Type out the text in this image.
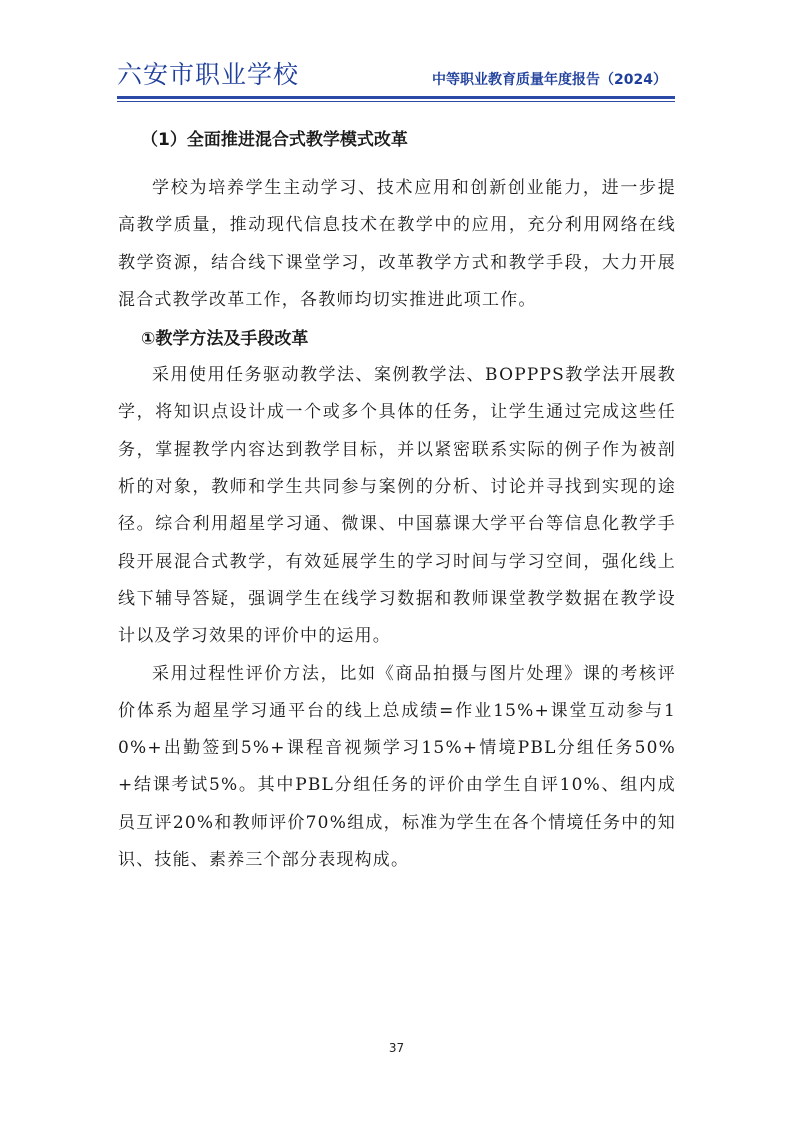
六安市职业学校	中等职业教育质量年度报告（2024）

（1）全面推进混合式教学模式改革

学校为培养学生主动学习、技术应用和创新创业能力，进一步提高教学质量，推动现代信息技术在教学中的应用，充分利用网络在线教学资源，结合线下课堂学习，改革教学方式和教学手段，大力开展混合式教学改革工作，各教师均切实推进此项工作。

①教学方法及手段改革

采用使用任务驱动教学法、案例教学法、BOPPPS教学法开展教学，将知识点设计成一个或多个具体的任务，让学生通过完成这些任务，掌握教学内容达到教学目标，并以紧密联系实际的例子作为被剖析的对象，教师和学生共同参与案例的分析、讨论并寻找到实现的途径。综合利用超星学习通、微课、中国慕课大学平台等信息化教学手段开展混合式教学，有效延展学生的学习时间与学习空间，强化线上线下辅导答疑，强调学生在线学习数据和教师课堂教学数据在教学设计以及学习效果的评价中的运用。

采用过程性评价方法，比如《商品拍摄与图片处理》课的考核评价体系为超星学习通平台的线上总成绩=作业15%+课堂互动参与10%+出勤签到5%+课程音视频学习15%+情境PBL分组任务50%+结课考试5%。其中PBL分组任务的评价由学生自评10%、组内成员互评20%和教师评价70%组成，标准为学生在各个情境任务中的知识、技能、素养三个部分表现构成。

37
